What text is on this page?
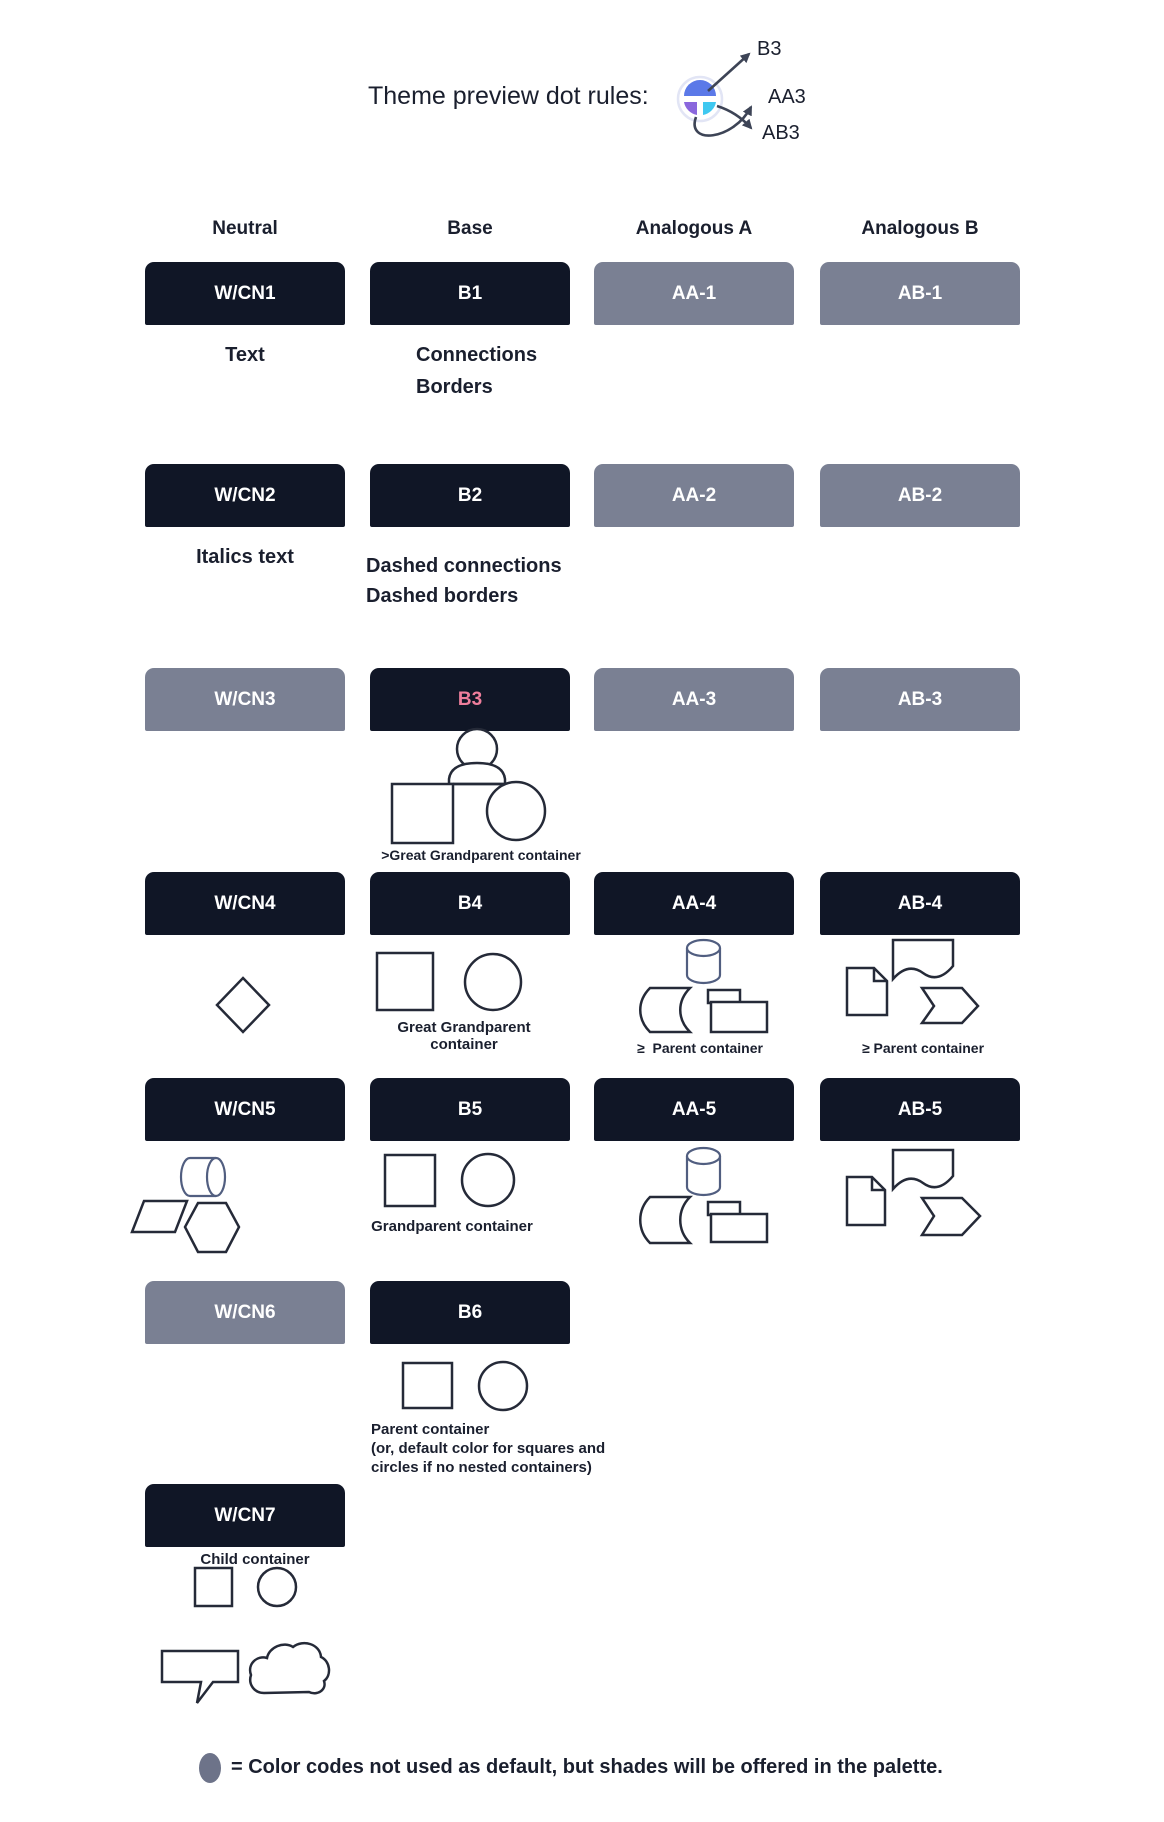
Theme preview dot rules:
B3
AA3
AB3
Neutral	Base	Analogous A	Analogous B
W/CN1	B1	AA-1	AB-1
Text	Connections
Borders
W/CN2	B2	AA-2	AB-2
Italics text	Dashed connections
Dashed borders
W/CN3	B3	AA-3	AB-3
>Great Grandparent container
W/CN4	B4	AA-4	AB-4
Great Grandparent container	≥  Parent container	≥ Parent container
W/CN5	B5	AA-5	AB-5
Grandparent container
W/CN6	B6
Parent container
(or, default color for squares and
circles if no nested containers)
W/CN7
Child container
= Color codes not used as default, but shades will be offered in the palette.
